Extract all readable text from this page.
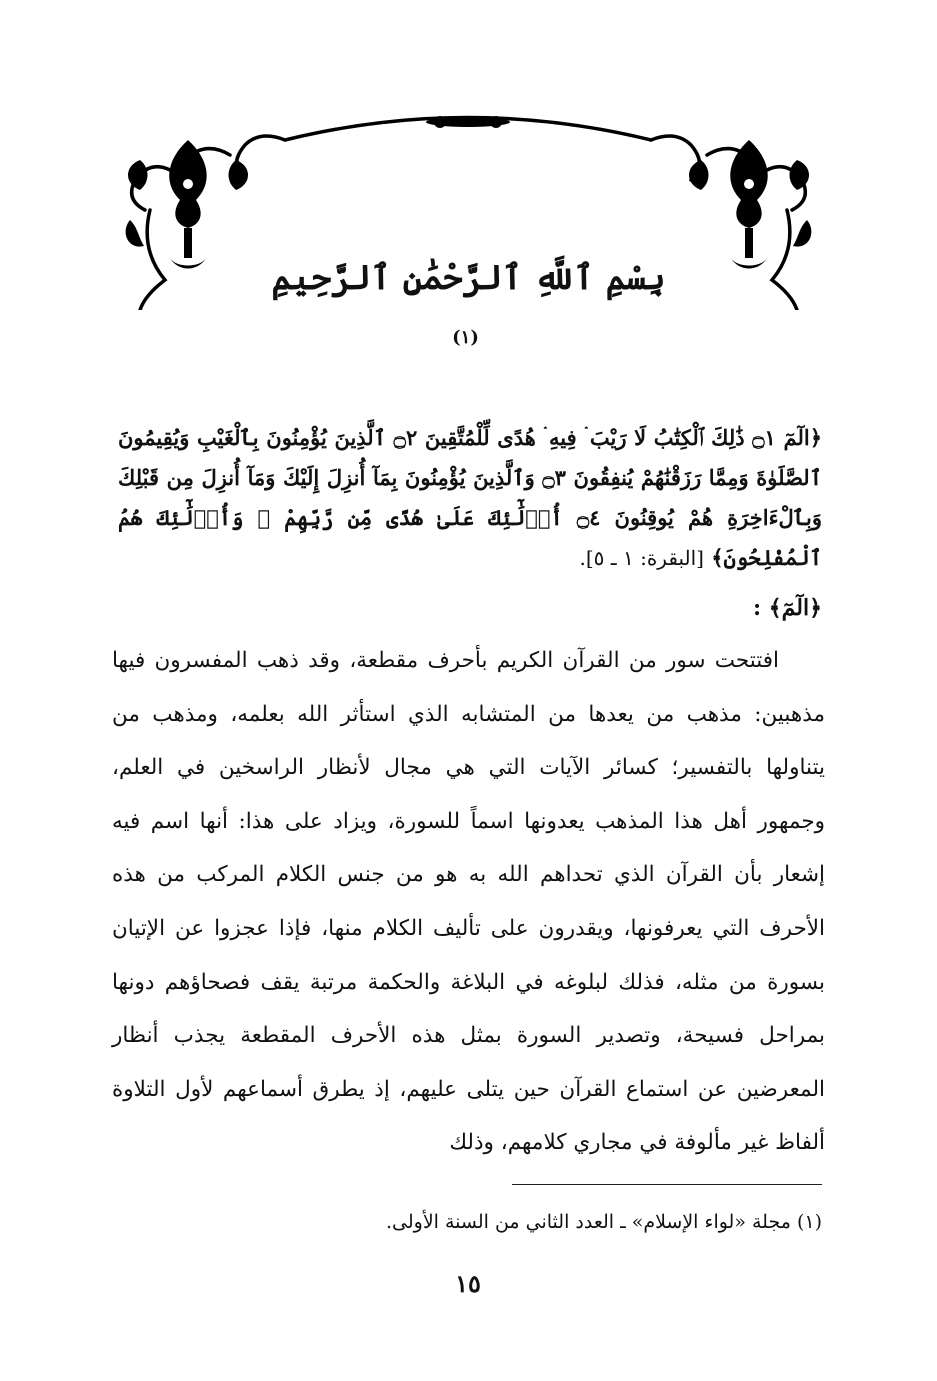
بِسْمِ ٱللَّهِ ٱلرَّحْمَٰنِ ٱلرَّحِيمِ $^{(١)}$
﴿الٓمٓ ۝١ ذَٰلِكَ ٱلْكِتَٰبُ لَا رَيْبَ ۛ فِيهِ ۛ هُدًى لِّلْمُتَّقِينَ ۝٢ ٱلَّذِينَ يُؤْمِنُونَ بِٱلْغَيْبِ وَيُقِيمُونَ ٱلصَّلَوٰةَ وَمِمَّا رَزَقْنَٰهُمْ يُنفِقُونَ ۝٣ وَٱلَّذِينَ يُؤْمِنُونَ بِمَآ أُنزِلَ إِلَيْكَ وَمَآ أُنزِلَ مِن قَبْلِكَ وَبِٱلْءَاخِرَةِ هُمْ يُوقِنُونَ ۝٤ أُو۟لَٰٓئِكَ عَلَىٰ هُدًى مِّن رَّبِّهِمْ ۖ وَأُو۟لَٰٓئِكَ هُمُ ٱلْمُفْلِحُونَ﴾ [البقرة: ١ ـ ٥].
﴿الٓمٓ﴾ :

افتتحت سور من القرآن الكريم بأحرف مقطعة، وقد ذهب المفسرون فيها مذهبين: مذهب من يعدها من المتشابه الذي استأثر الله بعلمه، ومذهب من يتناولها بالتفسير؛ كسائر الآيات التي هي مجال لأنظار الراسخين في العلم، وجمهور أهل هذا المذهب يعدونها اسماً للسورة، ويزاد على هذا: أنها اسم فيه إشعار بأن القرآن الذي تحداهم الله به هو من جنس الكلام المركب من هذه الأحرف التي يعرفونها، ويقدرون على تأليف الكلام منها، فإذا عجزوا عن الإتيان بسورة من مثله، فذلك لبلوغه في البلاغة والحكمة مرتبة يقف فصحاؤهم دونها بمراحل فسيحة، وتصدير السورة بمثل هذه الأحرف المقطعة يجذب أنظار المعرضين عن استماع القرآن حين يتلى عليهم، إذ يطرق أسماعهم لأول التلاوة ألفاظ غير مألوفة في مجاري كلامهم، وذلك

(١) مجلة «لواء الإسلام» ـ العدد الثاني من السنة الأولى.
١٥
